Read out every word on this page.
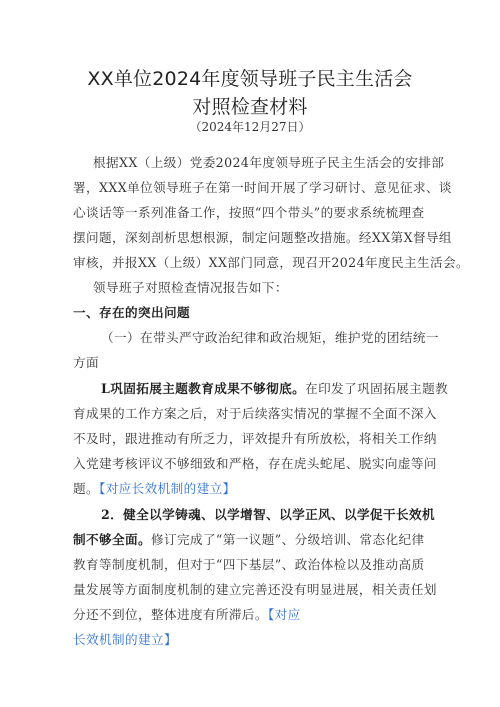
XX单位2024年度领导班子民主生活会
对照检查材料
（2024年12月27日）
根据XX（上级）党委2024年度领导班子民主生活会的安排部
署，XXX单位领导班子在第一时间开展了学习研讨、意见征求、谈
心谈话等一系列准备工作，按照“四个带头”的要求系统梳理查
摆问题，深刻剖析思想根源，制定问题整改措施。经XX第X督导组
审核，并报XX（上级）XX部门同意，现召开2024年度民主生活会。
领导班子对照检查情况报告如下：
一、存在的突出问题
（一）在带头严守政治纪律和政治规矩，维护党的团结统一
方面
L巩固拓展主题教育成果不够彻底。在印发了巩固拓展主题教
育成果的工作方案之后，对于后续落实情况的掌握不全面不深入
不及时，跟进推动有所乏力，评效提升有所放松，将相关工作纳
入党建考核评议不够细致和严格，存在虎头蛇尾、脱实向虚等问
题。【对应长效机制的建立】
2．健全以学铸魂、以学增智、以学正风、以学促干长效机
制不够全面。修订完成了“第一议题”、分级培训、常态化纪律
教育等制度机制，但对于“四下基层”、政治体检以及推动高质
量发展等方面制度机制的建立完善还没有明显进展，相关责任划
分还不到位，整体进度有所滞后。【对应
长效机制的建立】
